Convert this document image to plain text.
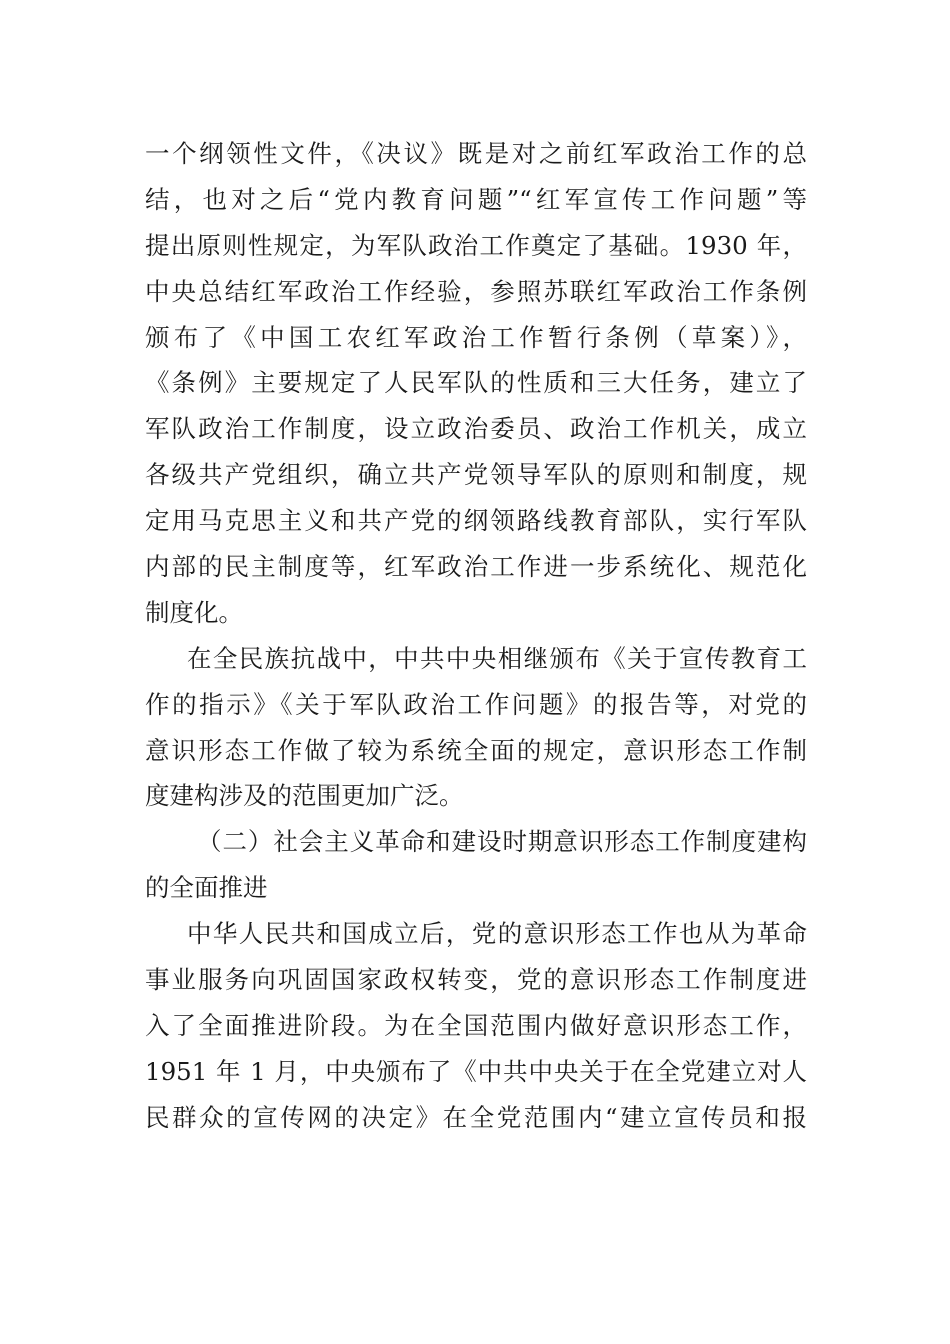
一个纲领性文件，《决议》既是对之前红军政治工作的总
结，也对之后“党内教育问题”“红军宣传工作问题”等
提出原则性规定，为军队政治工作奠定了基础。1930 年，
中央总结红军政治工作经验，参照苏联红军政治工作条例
颁布了《中国工农红军政治工作暂行条例（草案）》，
《条例》主要规定了人民军队的性质和三大任务，建立了
军队政治工作制度，设立政治委员、政治工作机关，成立
各级共产党组织，确立共产党领导军队的原则和制度，规
定用马克思主义和共产党的纲领路线教育部队，实行军队
内部的民主制度等，红军政治工作进一步系统化、规范化
制度化。
在全民族抗战中，中共中央相继颁布《关于宣传教育工
作的指示》《关于军队政治工作问题》的报告等，对党的
意识形态工作做了较为系统全面的规定，意识形态工作制
度建构涉及的范围更加广泛。
（二）社会主义革命和建设时期意识形态工作制度建构
的全面推进
中华人民共和国成立后，党的意识形态工作也从为革命
事业服务向巩固国家政权转变，党的意识形态工作制度进
入了全面推进阶段。为在全国范围内做好意识形态工作，
1951 年 1 月，中央颁布了《中共中央关于在全党建立对人
民群众的宣传网的决定》在全党范围内“建立宣传员和报
